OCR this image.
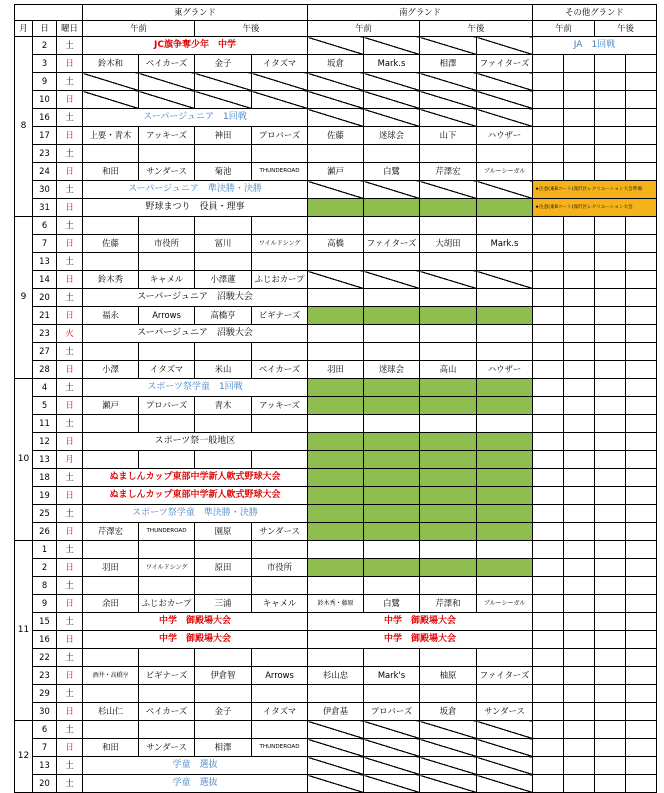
			東グランド				南グランド				その他グランド			
月	日	曜日	午前		午後		午前		午後		午前		午後	
8	2	土	JC旗争奪少年　中学								JA　1回戦			
	3	日	鈴木和	ベイカーズ	金子	イタズマ	坂倉	Mark.s	相澤	ファイターズ				
	9	土												
	10	日												
	16	土	スーパージュニア　1回戦											
	17	日	上要・青木	アッキーズ	神田	プロバーズ	佐藤	迷球会	山下	ハウザー				
	23	土												
	24	日	和田	サンダース	菊池	THUNDEROAD	瀬戸	白鷺	芹澤宏	ブルーシーガル				
	30	土	スーパージュニア　準決勝・決勝								★注意(東Bコート)深沢区レクリエーション大会準備			
	31	日	野球まつり　役員・理事								★注意(東Bコート)深沢区レクリエーション大会			
9	6	土												
	7	日	佐藤	市役所	冨川	ワイルドシング	高橋	ファイターズ	大胡田	Mark.s				
	13	土												
	14	日	鈴木秀	キャメル	小澤蓮	ふじおカープ								
	20	土	スーパージュニア　沼駿大会											
	21	日	福永	Arrows	高橋亨	ビギナーズ								
	23	火	スーパージュニア　沼駿大会											
	27	土												
	28	日	小澤	イタズマ	米山	ベイカーズ	羽田	迷球会	高山	ハウザー				
10	4	土	スポーツ祭学童　1回戦											
	5	日	瀬戸	プロバーズ	青木	アッキーズ								
	11	土												
	12	日	スポーツ祭一般地区											
	13	月												
	18	土	ぬましんカップ東部中学新人軟式野球大会											
	19	日	ぬましんカップ東部中学新人軟式野球大会											
	25	土	スポーツ祭学童　準決勝・決勝											
	26	日	芹澤宏	THUNDEROAD	園原	サンダース								
11	1	土												
	2	日	羽田	ワイルドシング	原田	市役所								
	8	土												
	9	日	余田	ふじおカープ	三浦	キャメル	鈴木秀・藤原	白鷺	芹澤和	ブルーシーガル				
	15	土	中学　御殿場大会				中学　御殿場大会							
	16	日	中学　御殿場大会				中学　御殿場大会							
	22	土												
	23	日	酒井・高橋亨	ビギナーズ	伊倉智	Arrows	杉山忠	Mark's	柚原	ファイターズ				
	29	土												
	30	日	杉山仁	ベイカーズ	金子	イタズマ	伊倉基	プロバーズ	坂倉	サンダース				
12	6	土												
	7	日	和田	サンダース	相澤	THUNDEROAD								
	13	土	学童　選抜											
	20	土	学童　選抜											
